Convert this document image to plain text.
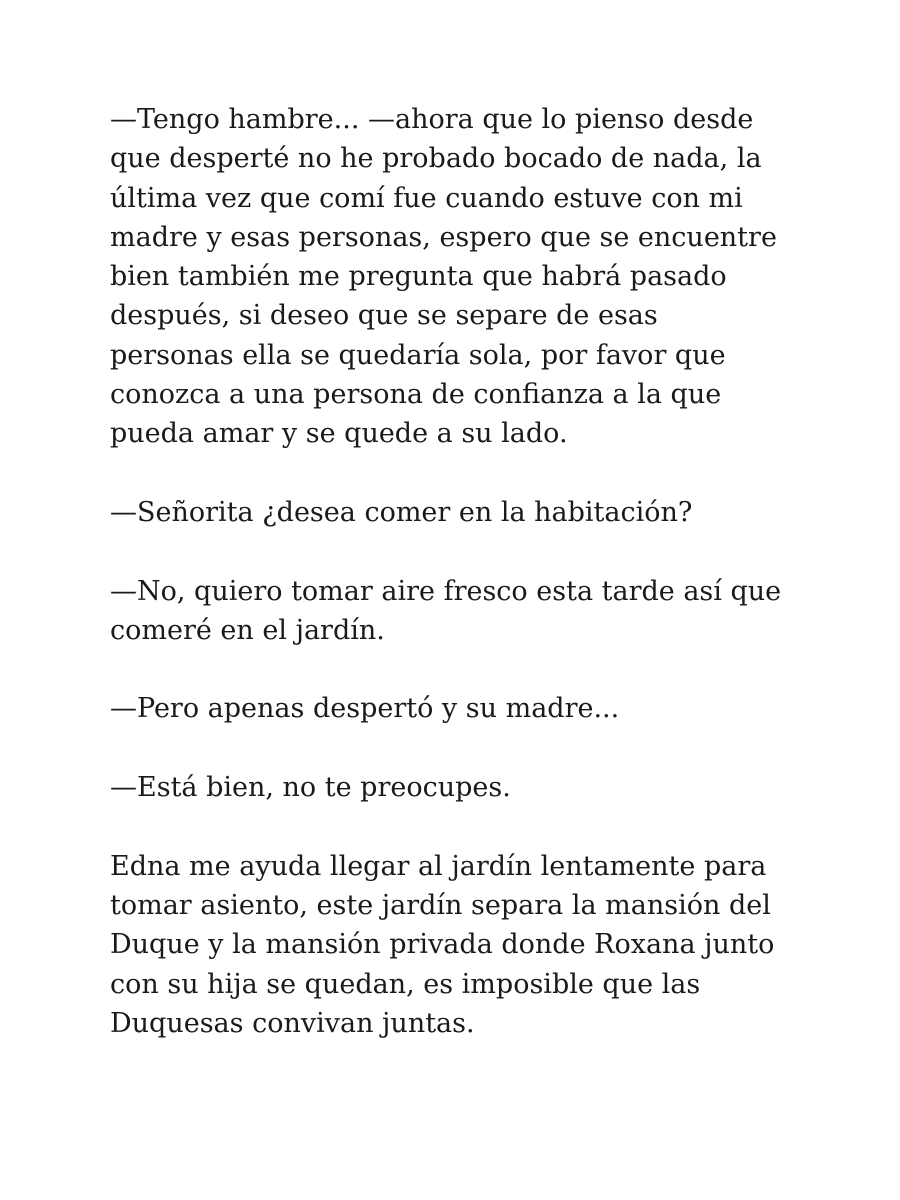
—Tengo hambre... —ahora que lo pienso desde
que desperté no he probado bocado de nada, la
última vez que comí fue cuando estuve con mi
madre y esas personas, espero que se encuentre
bien también me pregunta que habrá pasado
después, si deseo que se separe de esas
personas ella se quedaría sola, por favor que
conozca a una persona de confianza a la que
pueda amar y se quede a su lado.

—Señorita ¿desea comer en la habitación?

—No, quiero tomar aire fresco esta tarde así que
comeré en el jardín.

—Pero apenas despertó y su madre...

—Está bien, no te preocupes.

Edna me ayuda llegar al jardín lentamente para
tomar asiento, este jardín separa la mansión del
Duque y la mansión privada donde Roxana junto
con su hija se quedan, es imposible que las
Duquesas convivan juntas.
